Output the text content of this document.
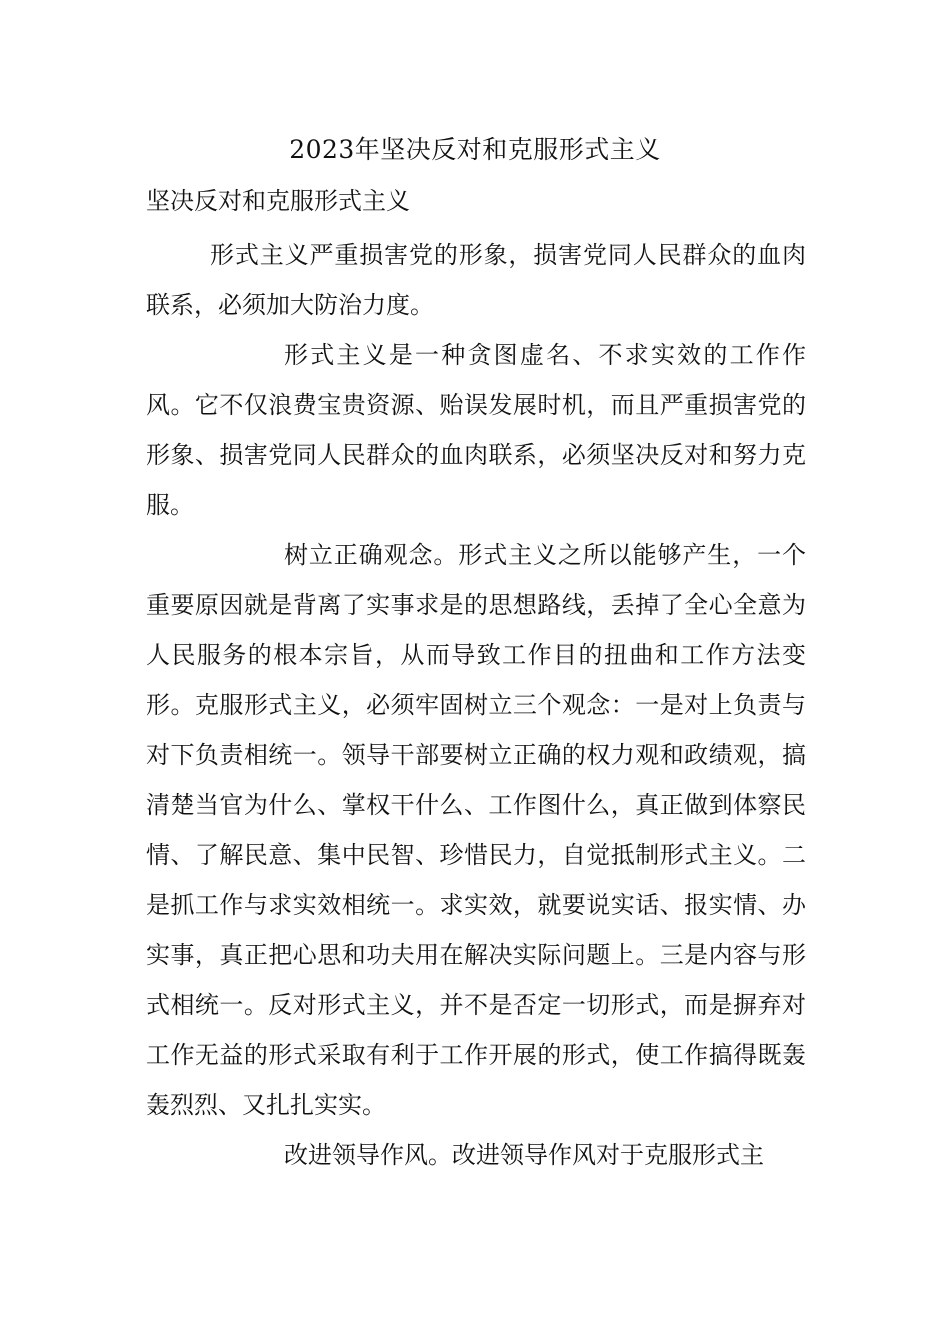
2023年坚决反对和克服形式主义
坚决反对和克服形式主义

形式主义严重损害党的形象，损害党同人民群众的血肉联系，必须加大防治力度。

形式主义是一种贪图虚名、不求实效的工作作风。它不仅浪费宝贵资源、贻误发展时机，而且严重损害党的形象、损害党同人民群众的血肉联系，必须坚决反对和努力克服。

树立正确观念。形式主义之所以能够产生，一个重要原因就是背离了实事求是的思想路线，丢掉了全心全意为人民服务的根本宗旨，从而导致工作目的扭曲和工作方法变形。克服形式主义，必须牢固树立三个观念：一是对上负责与对下负责相统一。领导干部要树立正确的权力观和政绩观，搞清楚当官为什么、掌权干什么、工作图什么，真正做到体察民情、了解民意、集中民智、珍惜民力，自觉抵制形式主义。二是抓工作与求实效相统一。求实效，就要说实话、报实情、办实事，真正把心思和功夫用在解决实际问题上。三是内容与形式相统一。反对形式主义，并不是否定一切形式，而是摒弃对工作无益的形式采取有利于工作开展的形式，使工作搞得既轰轰烈烈、又扎扎实实。

改进领导作风。改进领导作风对于克服形式主
